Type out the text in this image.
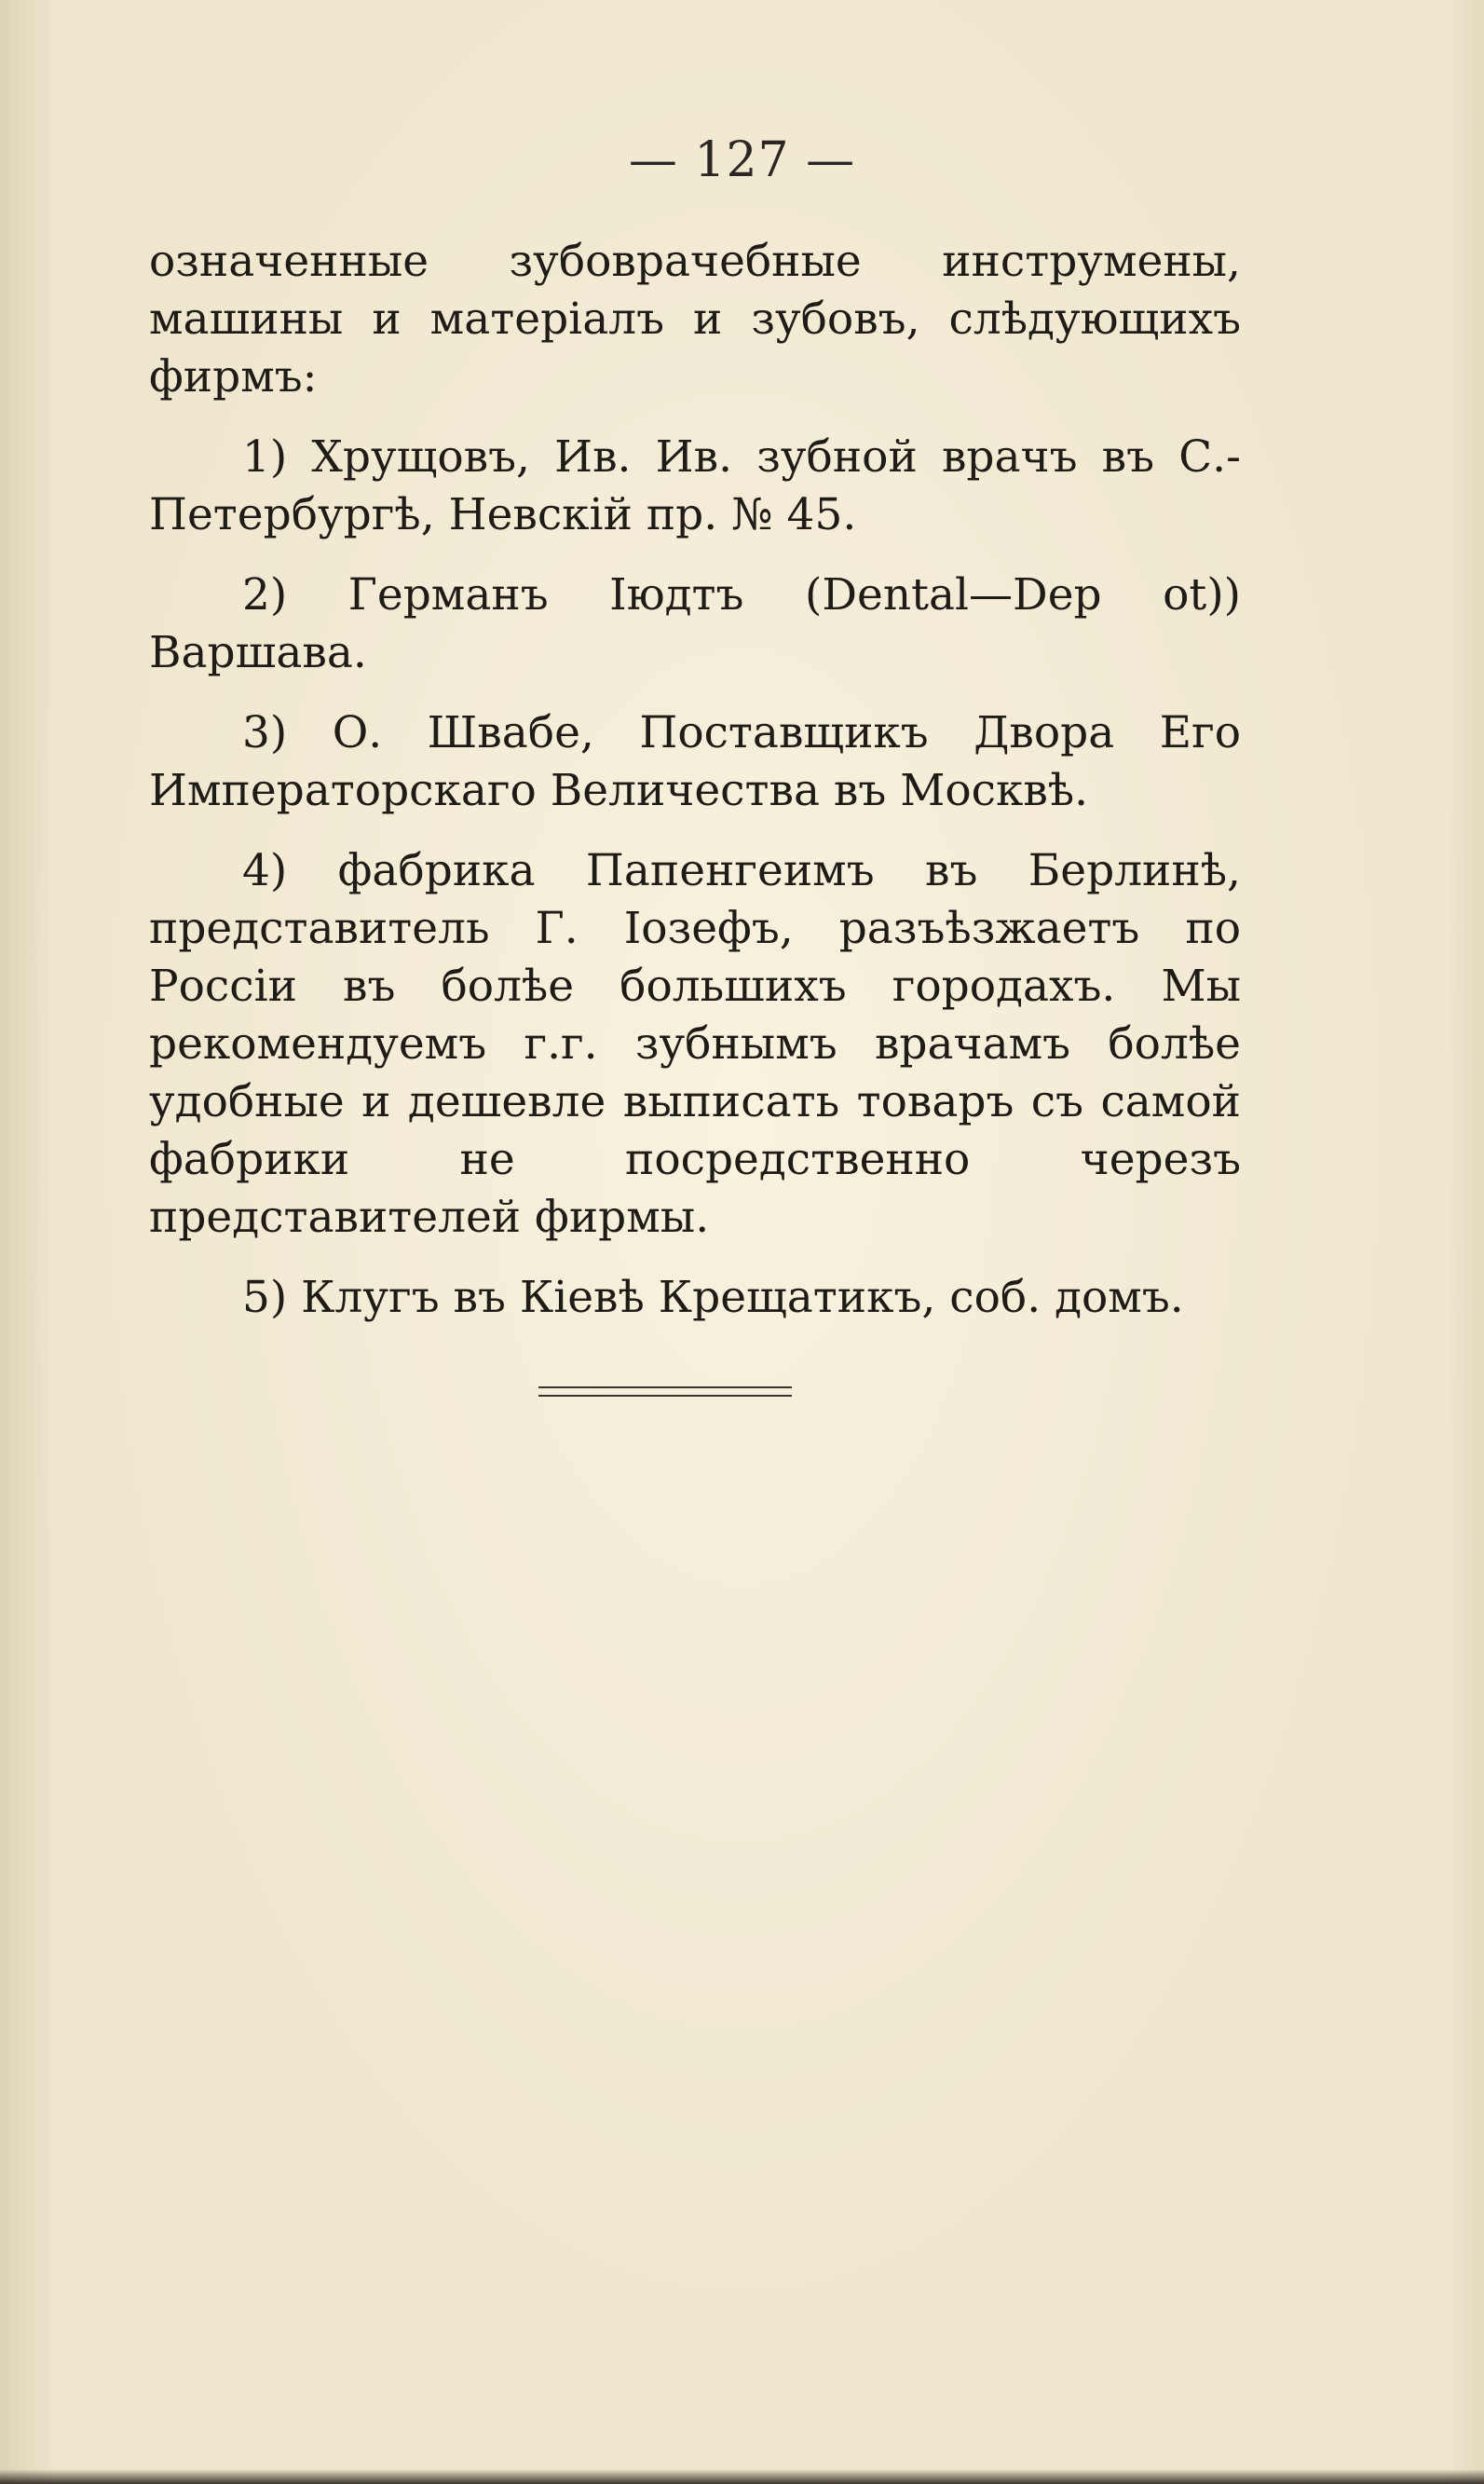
— 127 —

означенные зубоврачебные инструмены, машины и матеріалъ и зубовъ, слѣдующихъ фирмъ:

1) Хрущовъ, Ив. Ив. зубной врачъ въ С.-Петербургѣ, Невскій пр. № 45.

2) Германъ Іюдтъ (Dental—Dep ot)) Варшава.

3) О. Швабе, Поставщикъ Двора Его Императорскаго Величества въ Москвѣ.

4) фабрика Папенгеимъ въ Берлинѣ, представитель Г. Іозефъ, разъѣзжаетъ по Россіи въ болѣе большихъ городахъ. Мы рекомендуемъ г.г. зубнымъ врачамъ болѣе удобные и дешевле выписать товаръ съ самой фабрики не посредственно черезъ представителей фирмы.

5) Клугъ въ Кіевѣ Крещатикъ, соб. домъ.
